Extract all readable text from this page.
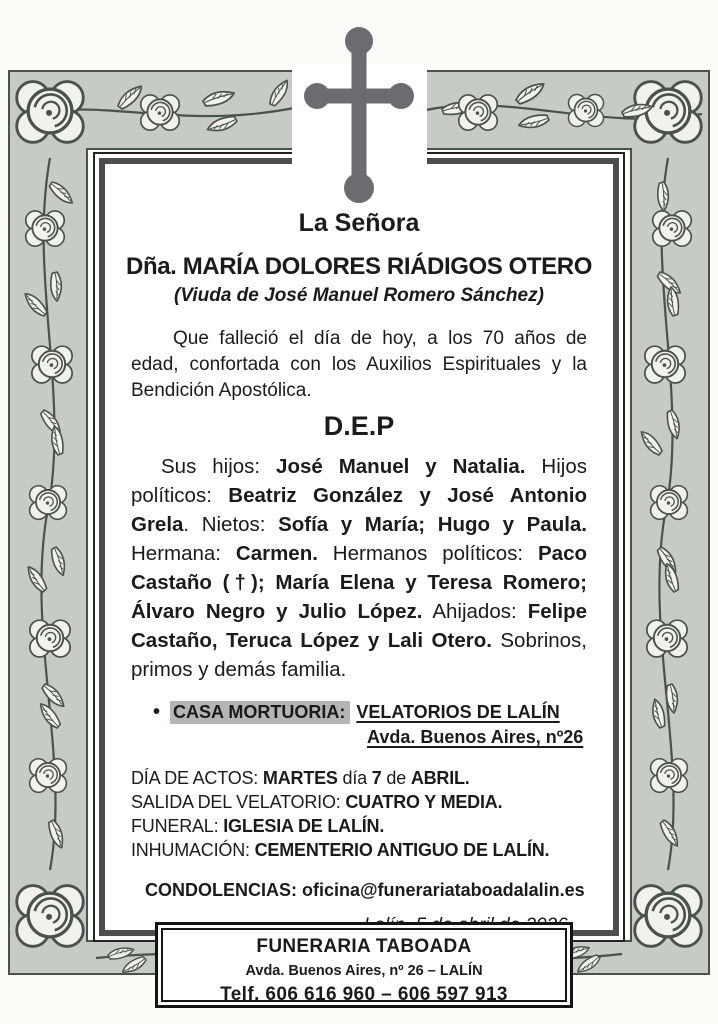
La Señora
Dña. MARÍA DOLORES RIÁDIGOS OTERO
(Viuda de José Manuel Romero Sánchez)
Que falleció el día de hoy, a los 70 años de edad, confortada con los Auxilios Espirituales y la Bendición Apostólica.
D.E.P
Sus hijos: José Manuel y Natalia. Hijos políticos: Beatriz González y José Antonio Grela. Nietos: Sofía y María; Hugo y Paula. Hermana: Carmen. Hermanos políticos: Paco Castaño (†); María Elena y Teresa Romero; Álvaro Negro y Julio López. Ahijados: Felipe Castaño, Teruca López y Lali Otero. Sobrinos, primos y demás familia.
• CASA MORTUORIA: VELATORIOS DE LALÍN
Avda. Buenos Aires, nº26
DÍA DE ACTOS: MARTES día 7 de ABRIL.
SALIDA DEL VELATORIO: CUATRO Y MEDIA.
FUNERAL: IGLESIA DE LALÍN.
INHUMACIÓN: CEMENTERIO ANTIGUO DE LALÍN.
CONDOLENCIAS: oficina@funerariataboadalalin.es
FUNERARIA TABOADA
Avda. Buenos Aires, nº 26 – LALÍN
Telf. 606 616 960 – 606 597 913
